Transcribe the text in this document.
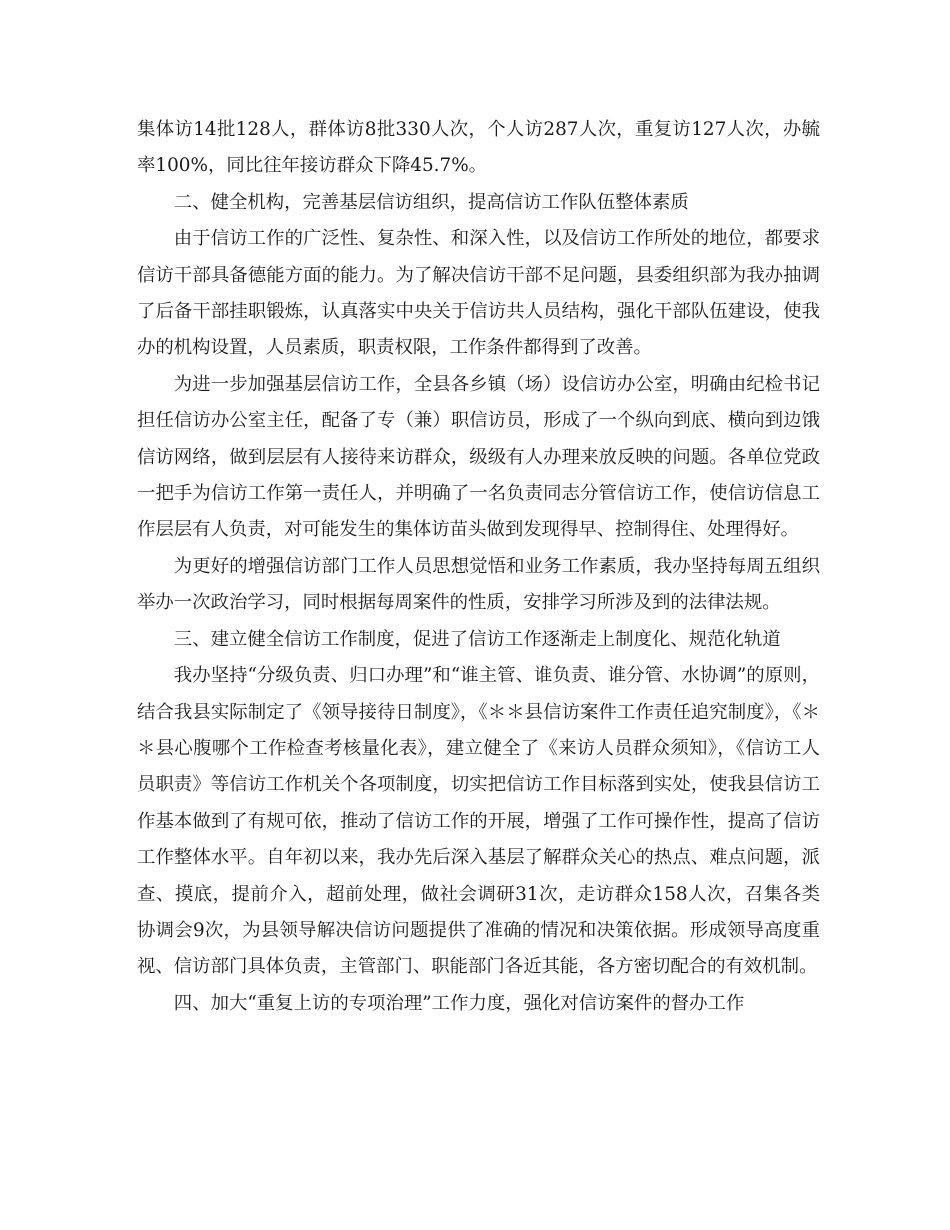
集体访14批128人，群体访8批330人次，个人访287人次，重复访127人次，办毓率100%，同比往年接访群众下降45.7%。

二、健全机构，完善基层信访组织，提高信访工作队伍整体素质

由于信访工作的广泛性、复杂性、和深入性，以及信访工作所处的地位，都要求信访干部具备德能方面的能力。为了解决信访干部不足问题，县委组织部为我办抽调了后备干部挂职锻炼，认真落实中央关于信访共人员结构，强化干部队伍建设，使我办的机构设置，人员素质，职责权限，工作条件都得到了改善。

为进一步加强基层信访工作，全县各乡镇（场）设信访办公室，明确由纪检书记担任信访办公室主任，配备了专（兼）职信访员，形成了一个纵向到底、横向到边饿信访网络，做到层层有人接待来访群众，级级有人办理来放反映的问题。各单位党政一把手为信访工作第一责任人，并明确了一名负责同志分管信访工作，使信访信息工作层层有人负责，对可能发生的集体访苗头做到发现得早、控制得住、处理得好。

为更好的增强信访部门工作人员思想觉悟和业务工作素质，我办坚持每周五组织举办一次政治学习，同时根据每周案件的性质，安排学习所涉及到的法律法规。

三、建立健全信访工作制度，促进了信访工作逐渐走上制度化、规范化轨道

我办坚持“分级负责、归口办理”和“谁主管、谁负责、谁分管、水协调”的原则，结合我县实际制定了《领导接待日制度》，《＊＊县信访案件工作责任追究制度》，《＊＊县心腹哪个工作检查考核量化表》，建立健全了《来访人员群众须知》，《信访工人员职责》等信访工作机关个各项制度，切实把信访工作目标落到实处，使我县信访工作基本做到了有规可依，推动了信访工作的开展，增强了工作可操作性，提高了信访工作整体水平。自年初以来，我办先后深入基层了解群众关心的热点、难点问题，派查、摸底，提前介入，超前处理，做社会调研31次，走访群众158人次，召集各类协调会9次，为县领导解决信访问题提供了准确的情况和决策依据。形成领导高度重视、信访部门具体负责，主管部门、职能部门各近其能，各方密切配合的有效机制。

四、加大“重复上访的专项治理”工作力度，强化对信访案件的督办工作
